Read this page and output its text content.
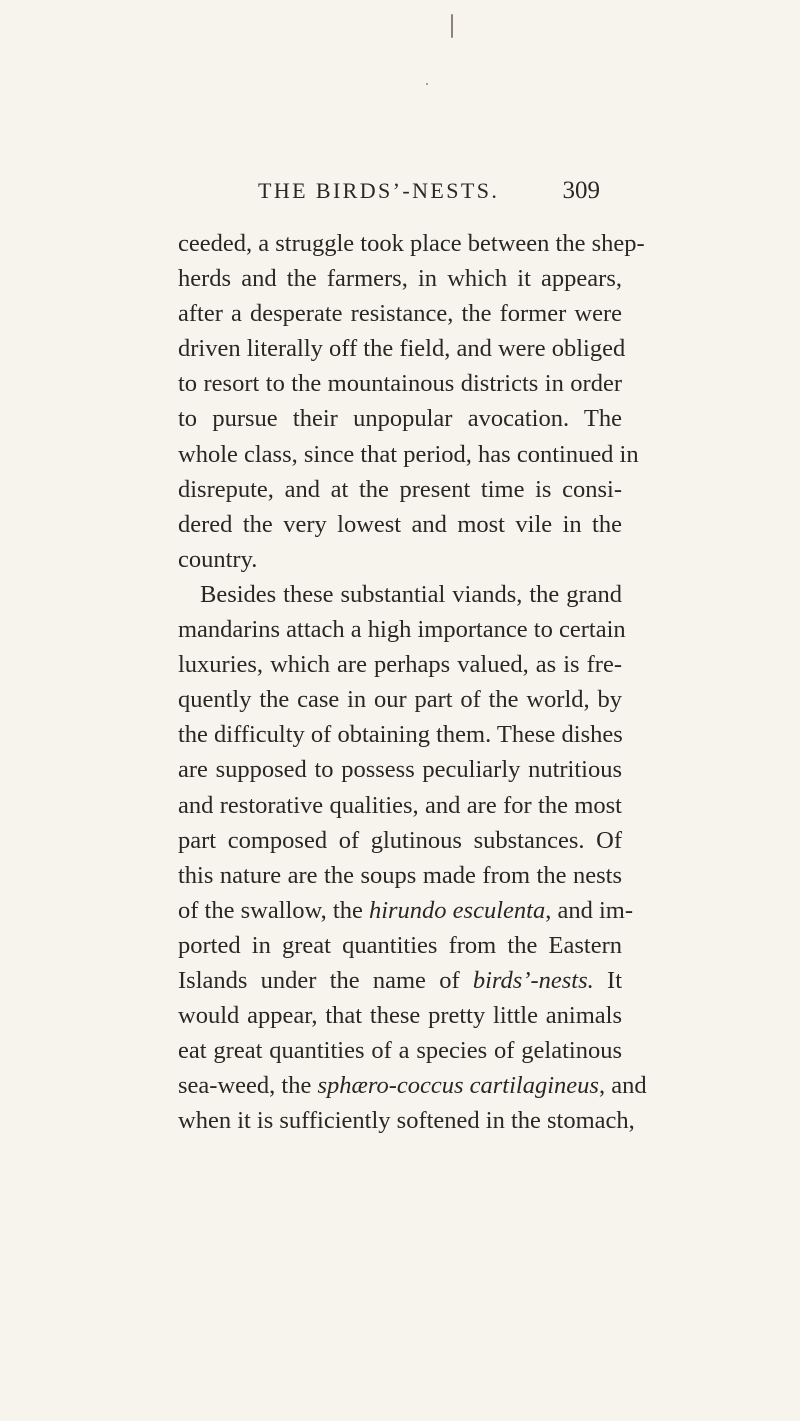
THE BIRDS’-NESTS.	309
ceeded, a struggle took place between the shep-
herds and the farmers, in which it appears,
after a desperate resistance, the former were
driven literally off the field, and were obliged
to resort to the mountainous districts in order
to pursue their unpopular avocation. The
whole class, since that period, has continued in
disrepute, and at the present time is consi-
dered the very lowest and most vile in the
country.
Besides these substantial viands, the grand
mandarins attach a high importance to certain
luxuries, which are perhaps valued, as is fre-
quently the case in our part of the world, by
the difficulty of obtaining them. These dishes
are supposed to possess peculiarly nutritious
and restorative qualities, and are for the most
part composed of glutinous substances. Of
this nature are the soups made from the nests
of the swallow, the hirundo esculenta, and im-
ported in great quantities from the Eastern
Islands under the name of birds’-nests. It
would appear, that these pretty little animals
eat great quantities of a species of gelatinous
sea-weed, the sphæro-coccus cartilagineus, and
when it is sufficiently softened in the stomach,
